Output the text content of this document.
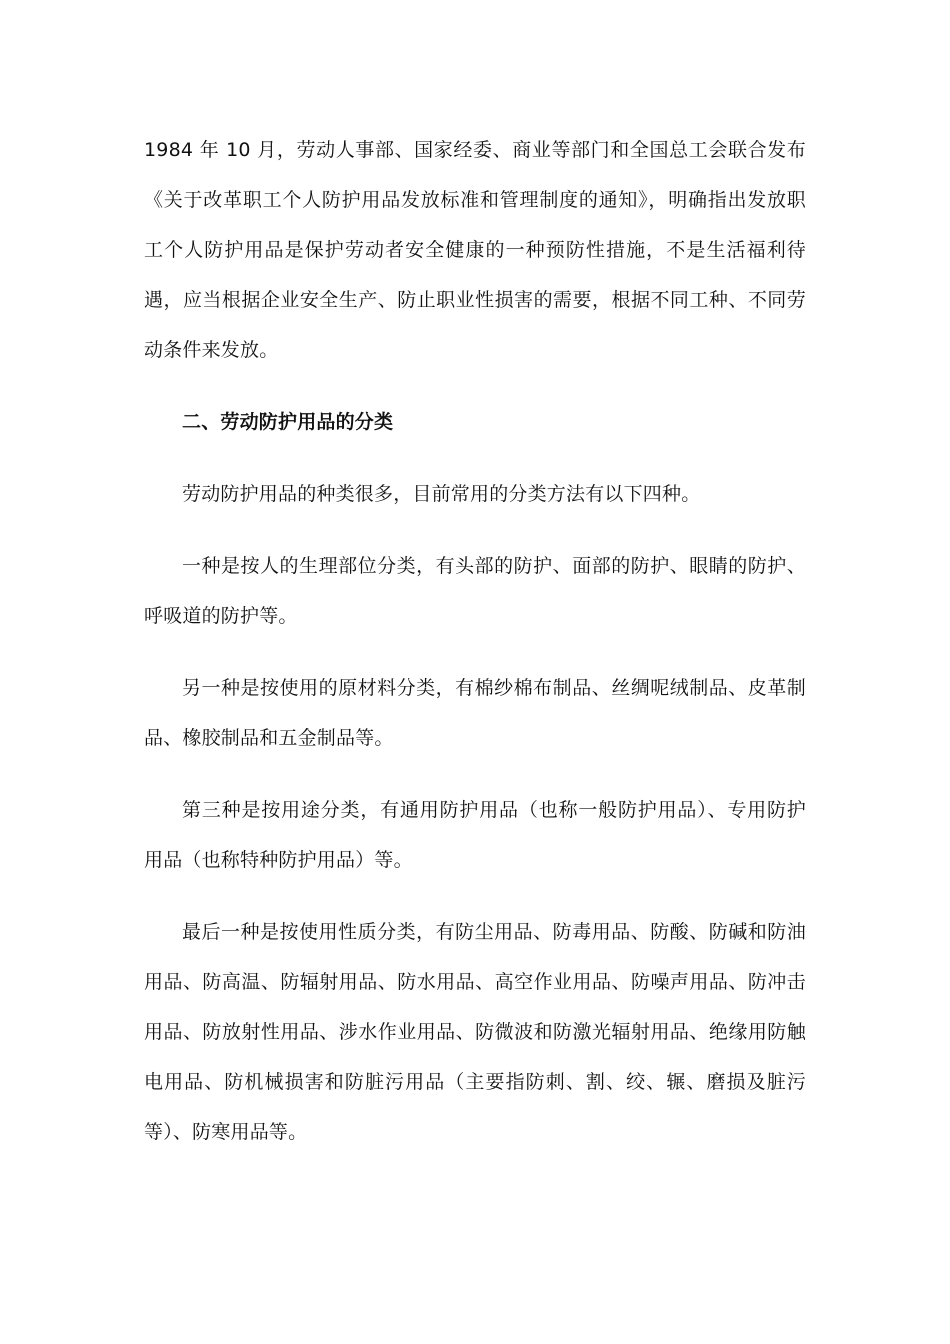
1984 年 10 月，劳动人事部、国家经委、商业等部门和全国总工会联合发布《关于改革职工个人防护用品发放标准和管理制度的通知》，明确指出发放职工个人防护用品是保护劳动者安全健康的一种预防性措施，不是生活福利待遇，应当根据企业安全生产、防止职业性损害的需要，根据不同工种、不同劳动条件来发放。

二、劳动防护用品的分类

劳动防护用品的种类很多，目前常用的分类方法有以下四种。

一种是按人的生理部位分类，有头部的防护、面部的防护、眼睛的防护、呼吸道的防护等。

另一种是按使用的原材料分类，有棉纱棉布制品、丝绸呢绒制品、皮革制品、橡胶制品和五金制品等。

第三种是按用途分类，有通用防护用品（也称一般防护用品）、专用防护用品（也称特种防护用品）等。

最后一种是按使用性质分类，有防尘用品、防毒用品、防酸、防碱和防油用品、防高温、防辐射用品、防水用品、高空作业用品、防噪声用品、防冲击用品、防放射性用品、涉水作业用品、防微波和防激光辐射用品、绝缘用防触电用品、防机械损害和防脏污用品（主要指防刺、割、绞、辗、磨损及脏污等）、防寒用品等。
